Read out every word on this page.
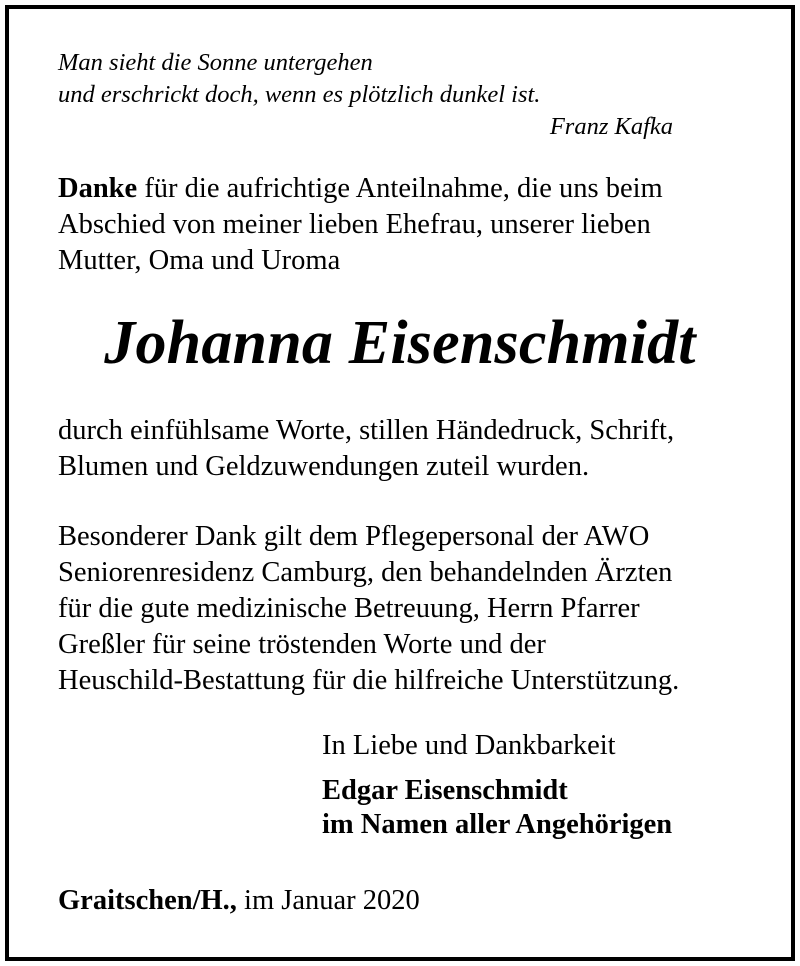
Man sieht die Sonne untergehen
und erschrickt doch, wenn es plötzlich dunkel ist.
Franz Kafka
Danke für die aufrichtige Anteilnahme, die uns beim
Abschied von meiner lieben Ehefrau, unserer lieben
Mutter, Oma und Uroma
Johanna Eisenschmidt
durch einfühlsame Worte, stillen Händedruck, Schrift,
Blumen und Geldzuwendungen zuteil wurden.
Besonderer Dank gilt dem Pflegepersonal der AWO
Seniorenresidenz Camburg, den behandelnden Ärzten
für die gute medizinische Betreuung, Herrn Pfarrer
Greßler für seine tröstenden Worte und der
Heuschild-Bestattung für die hilfreiche Unterstützung.
In Liebe und Dankbarkeit
Edgar Eisenschmidt
im Namen aller Angehörigen
Graitschen/H., im Januar 2020
